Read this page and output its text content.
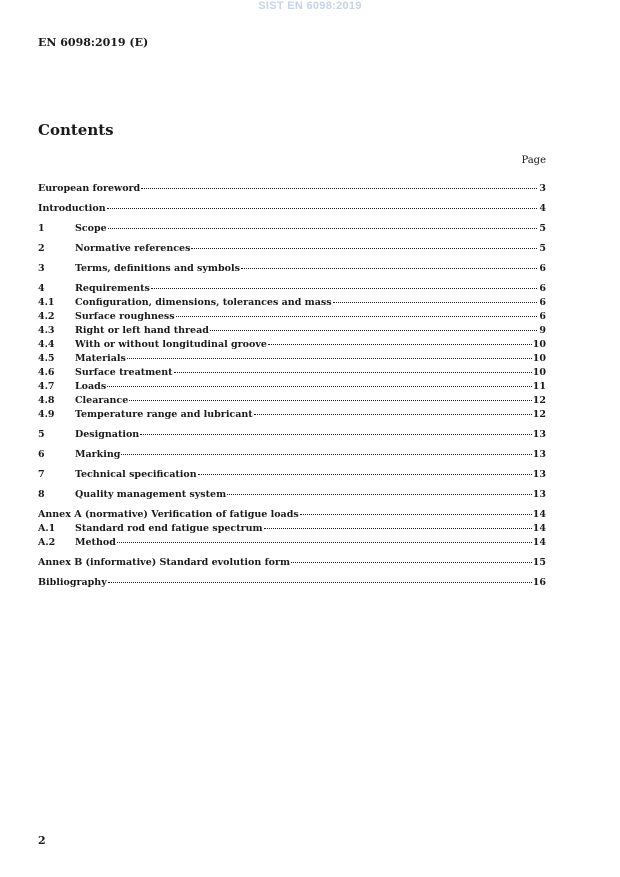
SIST EN 6098:2019
EN 6098:2019 (E)
Contents
Page
European foreword	3
Introduction	4
1	Scope	5
2	Normative references	5
3	Terms, definitions and symbols	6
4	Requirements	6
4.1	Configuration, dimensions, tolerances and mass	6
4.2	Surface roughness	6
4.3	Right or left hand thread	9
4.4	With or without longitudinal groove	10
4.5	Materials	10
4.6	Surface treatment	10
4.7	Loads	11
4.8	Clearance	12
4.9	Temperature range and lubricant	12
5	Designation	13
6	Marking	13
7	Technical specification	13
8	Quality management system	13
Annex A (normative) Verification of fatigue loads	14
A.1	Standard rod end fatigue spectrum	14
A.2	Method	14
Annex B (informative) Standard evolution form	15
Bibliography	16
2
